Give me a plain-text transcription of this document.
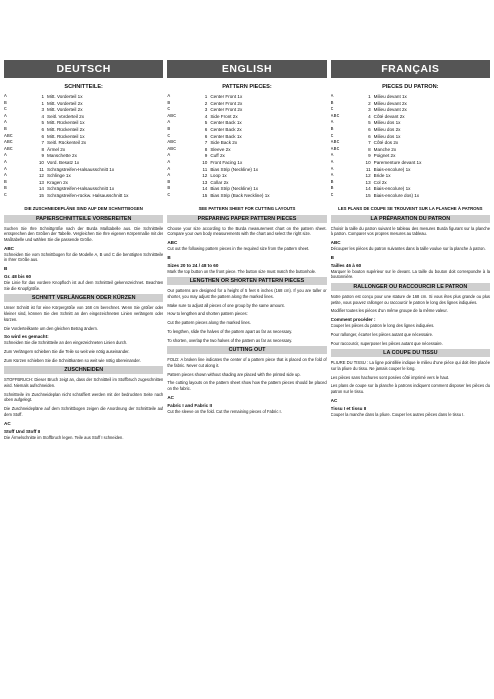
DEUTSCH	ENGLISH	FRANÇAIS
SCHNITTEILE:
A	1 Mitt. Vorderteil 1x
B	1 Mitt. Vorderteil 2x
C	3 Mitt. Vorderteil 2x
A	4 Seitl. Vorderteil 2x
A	5 Mitt. Rückenteil 1x
B	6 Mitt. Rückenteil 2x
ABC	6 Mitt. Rückenteil 1x
ABC	7 Seitl. Rückenteil 2x
ABC	8 Ärmel 2x
A	9 Manschette 2x
A	10 Vord. Besatz 1x
A	11 Schrägstreifen-Halsausschnitt 1x
A	12 Schlinge 1x
B	13 Kragen 2x
B	14 Schrägstreifen-Halsausschnitt 1x
C	15 Schrägstreifen-rückw. Halsausschnitt 1x
DIE ZUSCHNEIDEPLÄNE SIND AUF DEM SCHNITTBOGEN
PAPIERSCHNITTEILE VORBEREITEN
Suchen Sie Ihre Schnittgröße nach der Burda Maßtabelle aus. Die Schnittteile entsprechen den Größen der Tabelle. Vergleichen Sie Ihre eigenen Körpermaße mit der Maßtabelle und wählen Sie die passende Größe.
ABC
Schneiden Sie vom Schnittbogen für die Modelle A, B und C die benötigten Schnittteile in Ihrer Größe aus.
B
Gr. 48 bis 60
Die Linie für das vordere Knopfloch ist auf dem Schnittteil gekennzeichnet. Beachten Sie die Knopfgröße.
SCHNITT VERLÄNGERN ODER KÜRZEN
Unser Schnitt ist für eine Körpergröße von 168 cm berechnet. Wenn Sie größer oder kleiner sind, können Sie den Schnitt an den eingezeichneten Linien verlängern oder kürzen.
Die Vorderteilkante um den gleichen Betrag ändern.
So wird es gemacht:
Schneiden Sie die Schnittteile an den eingezeichneten Linien durch.
Zum Verlängern schieben Sie die Teile so weit wie nötig auseinander.
Zum Kürzen schieben Sie die Schnittkanten so weit wie nötig übereinander.
ZUSCHNEIDEN
STOFFBRUCH: Dieser Bruch zeigt an, dass der Schnittteil im Stoffbruch zugeschnitten wird. Niemals aufschneiden.
Schnittteile im Zuschneideplan nicht schraffiert werden mit der bedruckten Seite nach oben aufgelegt.
Die Zuschneidepläne auf dem Schnittbogen zeigen die Anordnung der Schnittteile auf dem Stoff.
AC
Stoff Und Stoff II
Die Ärmelschnitte im Stoffbruch legen. Teile aus Stoff I schneiden.
PATTERN PIECES:
A	1 Center Front 1x
B	2 Center Front 2x
C	3 Center Front 2x
ABC	4 Side Front 2x
A	5 Center Back 1x
B	6 Center Back 2x
C	6 Center Back 1x
ABC	7 Side Back 2x
ABC	8 Sleeve 2x
A	9 Cuff 2x
A	10 Front Facing 1x
A	11 Bias Strip (Neckline) 1x
A	12 Loop 1x
B	13 Collar 2x
B	14 Bias Strip (Neckline) 1x
C	15 Bias Strip (Back Neckline) 1x
SEE PATTERN SHEET FOR CUTTING LAYOUTS
PREPARING PAPER PATTERN PIECES
Choose your size according to the Burda measurement chart on the pattern sheet. Compare your own body measurements with the chart and select the right size.
ABC
Cut out the following pattern pieces in the required size from the pattern sheet.
B
Sizes 20 to 24 / 48 to 60
Mark the top button on the front piece. The button size must match the buttonhole.
LENGTHEN OR SHORTEN PATTERN PIECES
Our patterns are designed for a height of 5 feet 6 inches (168 cm). If you are taller or shorter, you may adjust the pattern along the marked lines.
Make sure to adjust all pieces of one group by the same amount.
How to lengthen and shorten pattern pieces:
Cut the pattern pieces along the marked lines.
To lengthen, slide the halves of the pattern apart as far as necessary.
To shorten, overlap the two halves of the pattern as far as necessary.
CUTTING OUT
FOLD: A broken line indicates the center of a pattern piece that is placed on the fold of the fabric. Never cut along it.
Pattern pieces shown without shading are placed with the printed side up.
The cutting layouts on the pattern sheet show how the pattern pieces should be placed on the fabric.
AC
Fabric I and Fabric II
Cut the sleeve on the fold. Cut the remaining pieces of Fabric I.
PIECES DU PATRON:
A	1 Milieu devant 1x
B	2 Milieu devant 2x
C	3 Milieu devant 2x
ABC	4 Côté devant 2x
A	5 Milieu dos 1x
B	6 Milieu dos 2x
C	6 Milieu dos 1x
ABC	7 Côté dos 2x
ABC	8 Manche 2x
A	9 Poignet 2x
A	10 Parementure devant 1x
A	11 Biais-encolure) 1x
A	12 Bride 1x
B	13 Col 2x
B	14 Biais-encolure) 1x
C	15 Biais-encolure dos) 1x
LES PLANS DE COUPE SE TROUVENT SUR LA PLANCHE À PATRONS
LA PRÉPARATION DU PATRON
Choisir la taille du patron suivant le tableau des mesures Burda figurant sur la planche à patron. Comparer vos propres mesures au tableau.
ABC
Découper les pièces du patron suivantes dans la taille voulue sur la planche à patron.
B
Tailles 46 à 60
Marquer le bouton supérieur sur le devant. La taille du bouton doit correspondre à la boutonnière.
RALLONGER OU RACCOURCIR LE PATRON
Notre patron est conçu pour une stature de 168 cm. Si vous êtes plus grande ou plus petite, vous pouvez rallonger ou raccourcir le patron le long des lignes indiquées.
Modifier toutes les pièces d'un même groupe de la même valeur.
Comment procéder :
Couper les pièces du patron le long des lignes indiquées.
Pour rallonger, écarter les pièces autant que nécessaire.
Pour raccourcir, superposer les pièces autant que nécessaire.
LA COUPE DU TISSU
PLIURE DU TISSU : La ligne pointillée indique le milieu d'une pièce qui doit être placée sur la pliure du tissu. Ne jamais couper le long.
Les pièces sans hachures sont posées côté imprimé vers le haut.
Les plans de coupe sur la planche à patrons indiquent comment disposer les pièces du patron sur le tissu.
AC
Tissu I et tissu II
Couper la manche dans la pliure. Couper les autres pièces dans le tissu I.
